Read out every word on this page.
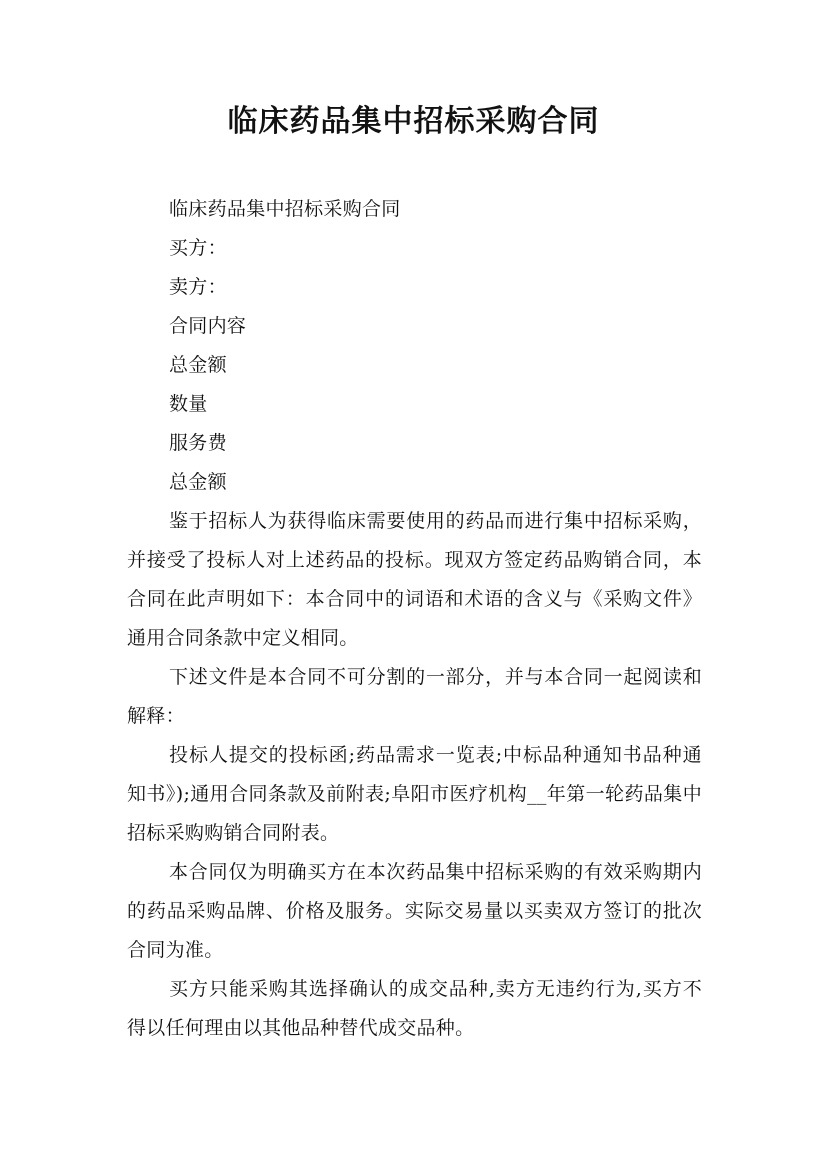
临床药品集中招标采购合同
临床药品集中招标采购合同
买方：
卖方：
合同内容
总金额
数量
服务费
总金额

鉴于招标人为获得临床需要使用的药品而进行集中招标采购，并接受了投标人对上述药品的投标。现双方签定药品购销合同，本合同在此声明如下：本合同中的词语和术语的含义与《采购文件》通用合同条款中定义相同。

下述文件是本合同不可分割的一部分，并与本合同一起阅读和解释：

投标人提交的投标函;药品需求一览表;中标品种通知书品种通知书》);通用合同条款及前附表;阜阳市医疗机构__年第一轮药品集中招标采购购销合同附表。

本合同仅为明确买方在本次药品集中招标采购的有效采购期内的药品采购品牌、价格及服务。实际交易量以买卖双方签订的批次合同为准。

买方只能采购其选择确认的成交品种,卖方无违约行为,买方不得以任何理由以其他品种替代成交品种。
